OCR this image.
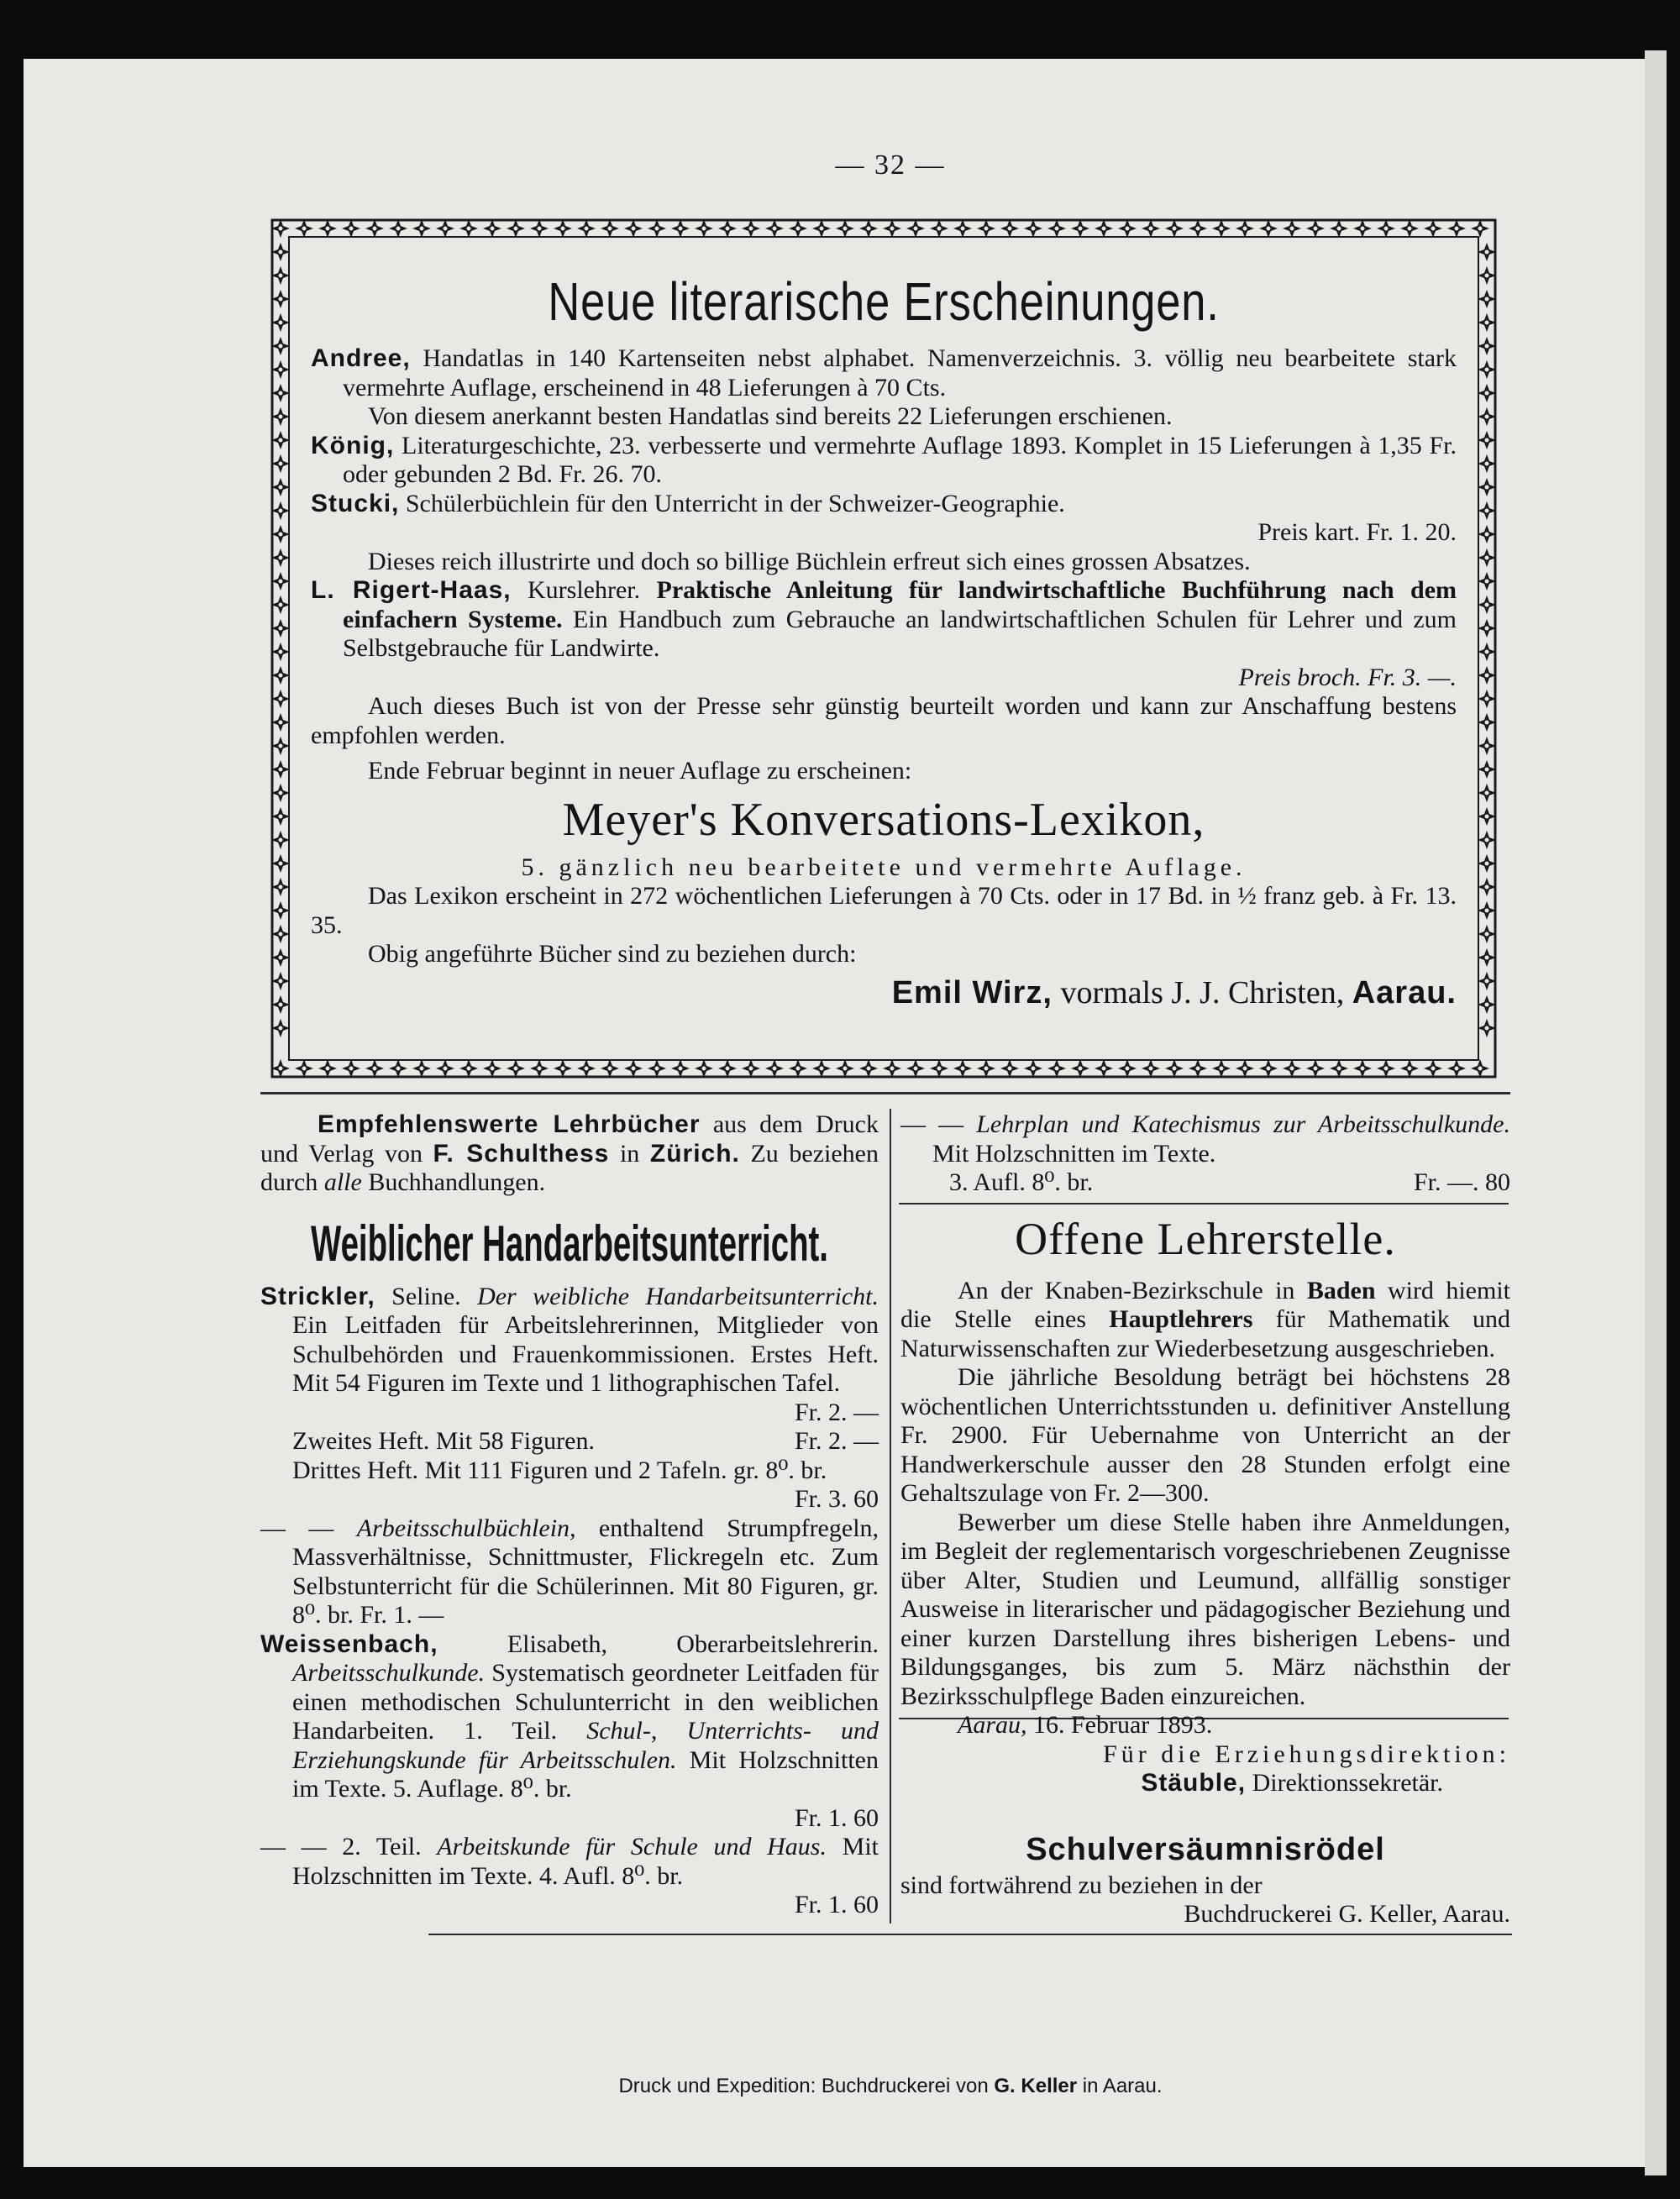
— 32 —
Neue literarische Erscheinungen.

Andree, Handatlas in 140 Kartenseiten nebst alphabet. Namenverzeichnis. 3. völlig neu bearbeitete stark vermehrte Auflage, erscheinend in 48 Lieferungen à 70 Cts.

Von diesem anerkannt besten Handatlas sind bereits 22 Lieferungen erschienen.

König, Literaturgeschichte, 23. verbesserte und vermehrte Auflage 1893. Komplet in 15 Lieferungen à 1,35 Fr. oder gebunden 2 Bd. Fr. 26. 70.

Stucki, Schülerbüchlein für den Unterricht in der Schweizer-Geographie.

Preis kart. Fr. 1. 20.

Dieses reich illustrirte und doch so billige Büchlein erfreut sich eines grossen Absatzes.

L. Rigert-Haas, Kurslehrer. Praktische Anleitung für landwirtschaftliche Buchführung nach dem einfachern Systeme. Ein Handbuch zum Gebrauche an landwirtschaftlichen Schulen für Lehrer und zum Selbstgebrauche für Landwirte.

Preis broch. Fr. 3. —.

Auch dieses Buch ist von der Presse sehr günstig beurteilt worden und kann zur Anschaffung bestens empfohlen werden.

Ende Februar beginnt in neuer Auflage zu erscheinen:

Meyer's Konversations-Lexikon,

5. gänzlich neu bearbeitete und vermehrte Auflage.

Das Lexikon erscheint in 272 wöchentlichen Lieferungen à 70 Cts. oder in 17 Bd. in ½ franz geb. à Fr. 13. 35.

Obig angeführte Bücher sind zu beziehen durch:

Emil Wirz, vormals J. J. Christen, Aarau.

Empfehlenswerte Lehrbücher aus dem Druck und Verlag von F. Schulthess in Zürich. Zu beziehen durch alle Buchhandlungen.

Weiblicher Handarbeitsunterricht.

Strickler, Seline. Der weibliche Handarbeitsunterricht. Ein Leitfaden für Arbeitslehrerinnen, Mitglieder von Schulbehörden und Frauenkommissionen. Erstes Heft. Mit 54 Figuren im Texte und 1 lithographischen Tafel.

Fr. 2. —

Zweites Heft. Mit 58 Figuren.	Fr. 2. —

Drittes Heft. Mit 111 Figuren und 2 Tafeln. gr. 8⁰. br.

Fr. 3. 60

— — Arbeitsschulbüchlein, enthaltend Strumpfregeln, Massverhältnisse, Schnittmuster, Flickregeln etc. Zum Selbstunterricht für die Schülerinnen. Mit 80 Figuren, gr. 8⁰. br. Fr. 1. —

Weissenbach,	Elisabeth, Oberarbeitslehrerin. Arbeitsschulkunde. Systematisch geordneter Leitfaden für einen methodischen Schulunterricht in den weiblichen Handarbeiten. 1. Teil. Schul-, Unterrichts- und Erziehungskunde für Arbeitsschulen. Mit Holzschnitten im Texte. 5. Auflage. 8⁰. br.

Fr. 1. 60

— — 2. Teil. Arbeitskunde für Schule und Haus. Mit Holzschnitten im Texte. 4. Aufl. 8⁰. br.

Fr. 1. 60

— — Lehrplan und Katechismus zur Arbeitsschulkunde. Mit Holzschnitten im Texte.

3. Aufl. 8⁰. br.	Fr. —. 80
Offene Lehrerstelle.

An der Knaben-Bezirkschule in Baden wird hiemit die Stelle eines Hauptlehrers für Mathematik und Naturwissenschaften zur Wiederbesetzung ausgeschrieben.

Die jährliche Besoldung beträgt bei höchstens 28 wöchentlichen Unterrichtsstunden u. definitiver Anstellung Fr. 2900. Für Uebernahme von Unterricht an der Handwerkerschule ausser den 28 Stunden erfolgt eine Gehaltszulage von Fr. 2—300.

Bewerber um diese Stelle haben ihre Anmeldungen, im Begleit der reglementarisch vorgeschriebenen Zeugnisse über Alter, Studien und Leumund, allfällig sonstiger Ausweise in literarischer und pädagogischer Beziehung und einer kurzen Darstellung ihres bisherigen Lebens- und Bildungsganges, bis zum 5. März nächsthin der Bezirksschulpflege Baden einzureichen.

Aarau, 16. Februar 1893.

Für die Erziehungsdirektion:

Stäuble, Direktionssekretär.

Schulversäumnisrödel

sind fortwährend zu beziehen in der

Buchdruckerei G. Keller, Aarau.

Druck und Expedition: Buchdruckerei von G. Keller in Aarau.
